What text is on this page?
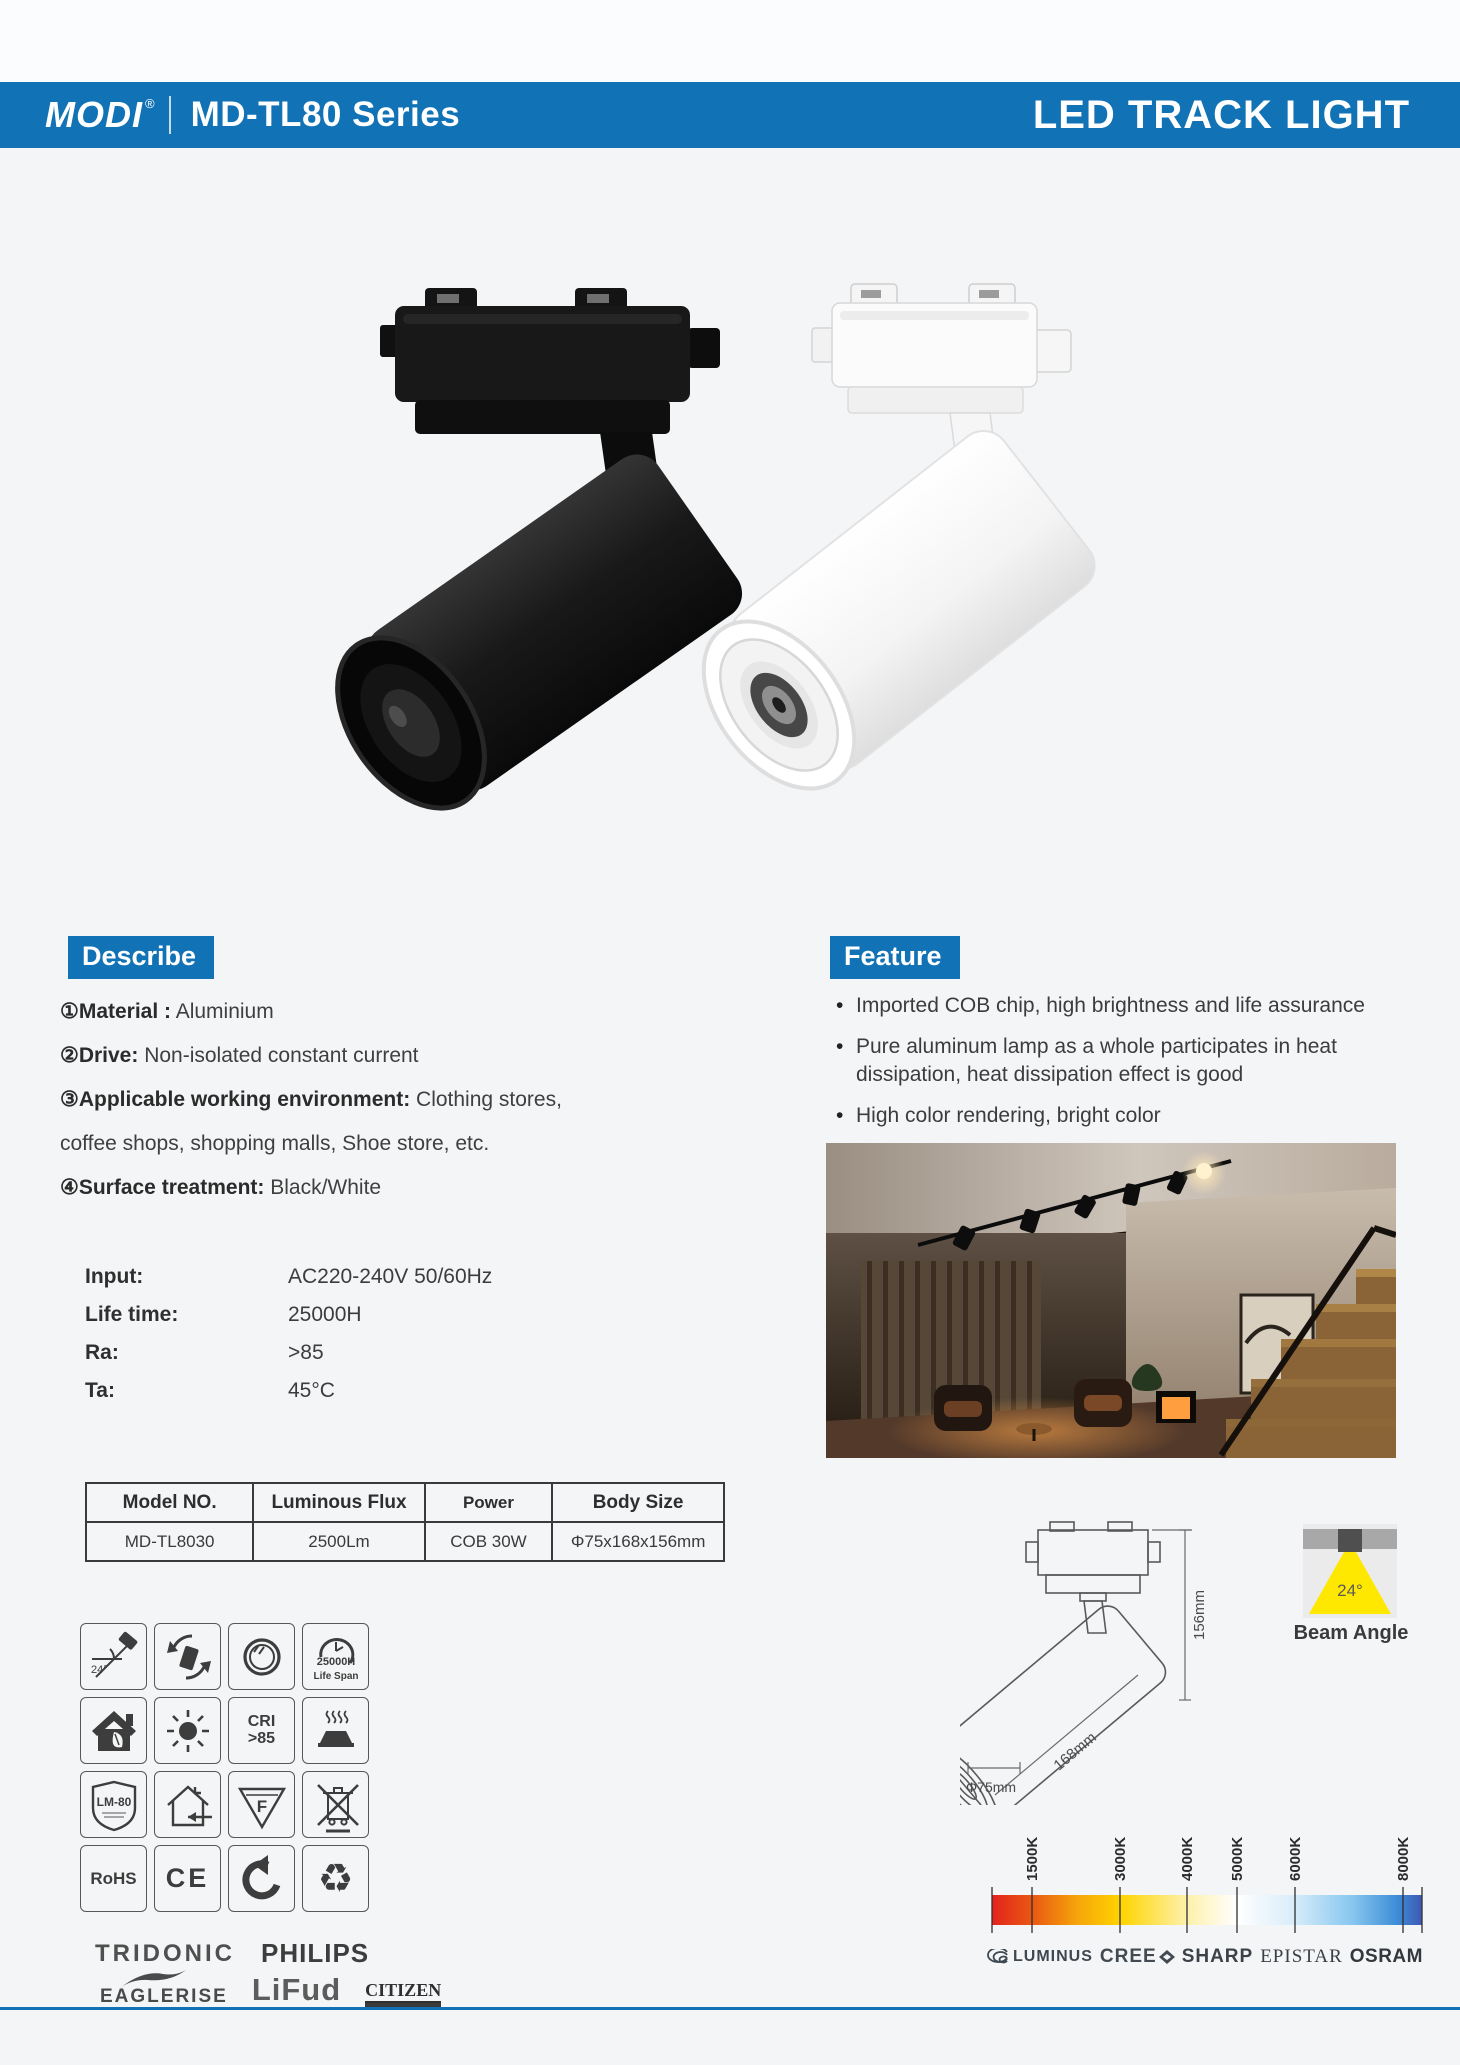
MODI ® MD-TL80 Series	LED TRACK LIGHT
Describe
①Material : Aluminium
②Drive: Non-isolated constant current
③Applicable working environment: Clothing stores,
coffee shops, shopping malls, Shoe store, etc.
④Surface treatment: Black/White
Feature
• Imported COB chip, high brightness and life assurance
• Pure aluminum lamp as a whole participates in heat dissipation, heat dissipation effect is good
• High color rendering, bright color
Input:	AC220-240V 50/60Hz
Life time:	25000H
Ra:	>85
Ta:	45°C
Model NO.	Luminous Flux	Power	Body Size
MD-TL8030	2500Lm	COB 30W	Φ75x168x156mm
24°
25000H
Life Span
CRI
>85
LM-80	F
RoHS CE	♻
TRIDONIC PHILIPS
EAGLERISE LiFud CITIZEN
156mm
168mm
Φ75mm
24°
Beam Angle
1500K	3000K	4000K 5000K	6000K	8000K
LUMINUS CREE SHARP EPISTAR OSRAM
